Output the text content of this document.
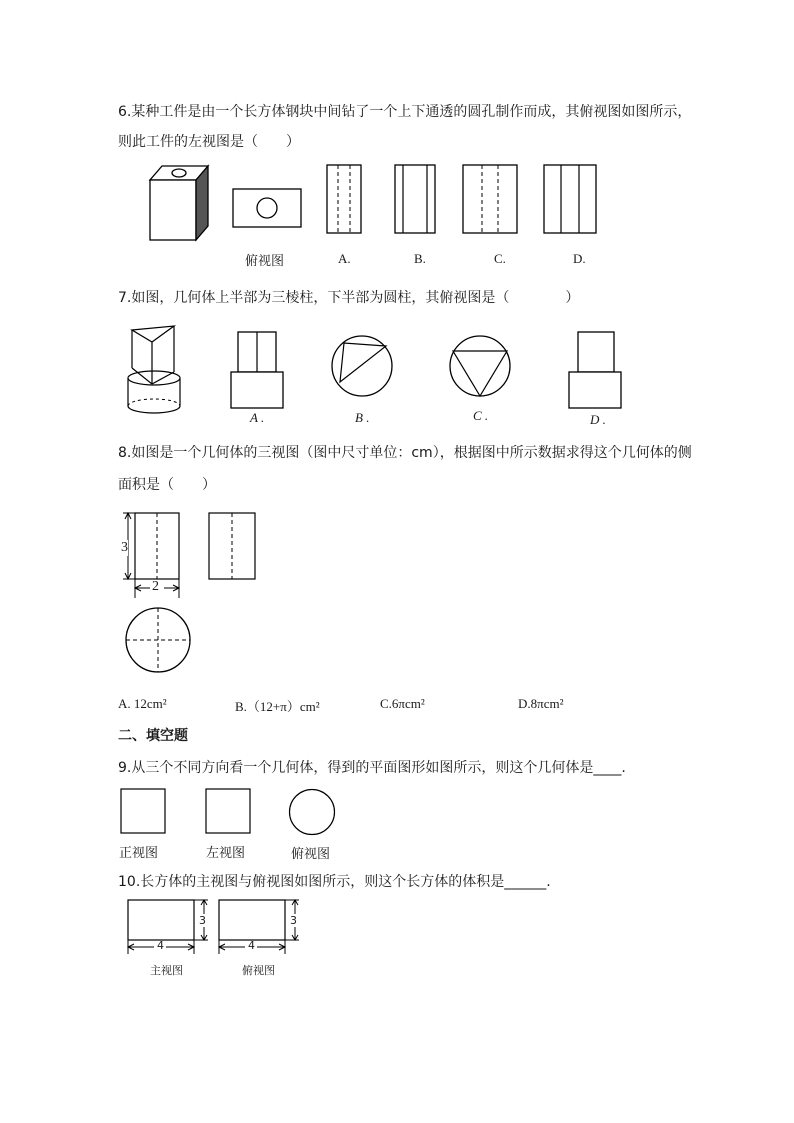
6.某种工件是由一个长方体钢块中间钻了一个上下通透的圆孔制作而成，其俯视图如图所示，
则此工件的左视图是（　　）
俯视图	A.	B.	C.	D.
7.如图，几何体上半部为三棱柱，下半部为圆柱，其俯视图是（　　　　）
A .	B .	C .	D .
8.如图是一个几何体的三视图（图中尺寸单位：cm），根据图中所示数据求得这个几何体的侧
面积是（　　）
3
2
A. 12cm²	B.（12+π）cm²	C.6πcm²	D.8πcm²
二、填空题
9.从三个不同方向看一个几何体，得到的平面图形如图所示，则这个几何体是____.
正视图	左视图	俯视图
10.长方体的主视图与俯视图如图所示，则这个长方体的体积是______.
3
4
主视图
3
4
俯视图
